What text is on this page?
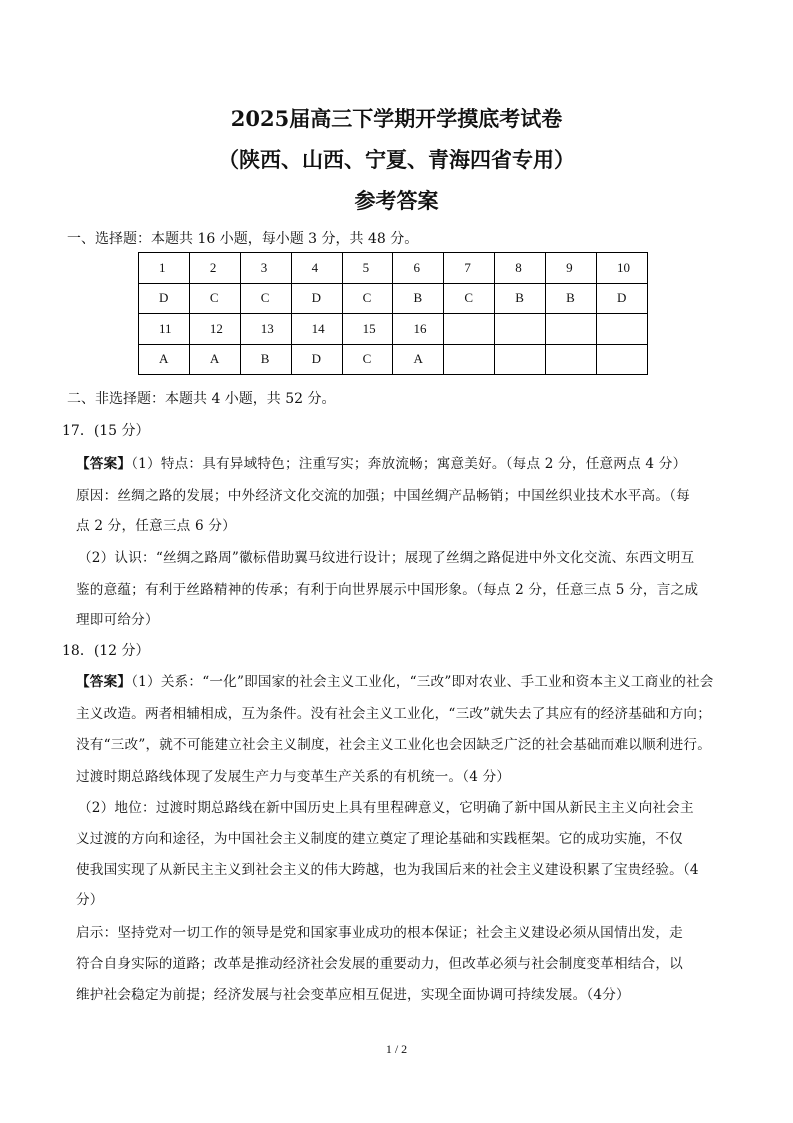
2025届高三下学期开学摸底考试卷
（陕西、山西、宁夏、青海四省专用）
参考答案
一、选择题：本题共 16 小题，每小题 3 分，共 48 分。
1	2	3	4	5	6	7	8	9	10
D	C	C	D	C	B	C	B	B	D
11	12	13	14	15	16				
A	A	B	D	C	A				
二、非选择题：本题共 4 小题，共 52 分。
17．(15 分）
【答案】（1）特点：具有异域特色；注重写实；奔放流畅；寓意美好。（每点 2 分，任意两点 4 分）
原因：丝绸之路的发展；中外经济文化交流的加强；中国丝绸产品畅销；中国丝织业技术水平高。（每
点 2 分，任意三点 6 分）
（2）认识：“丝绸之路周”徽标借助翼马纹进行设计；展现了丝绸之路促进中外文化交流、东西文明互
鉴的意蕴；有利于丝路精神的传承；有利于向世界展示中国形象。（每点 2 分，任意三点 5 分，言之成
理即可给分）
18．(12 分）
【答案】（1）关系：“一化”即国家的社会主义工业化，“三改”即对农业、手工业和资本主义工商业的社会
主义改造。两者相辅相成，互为条件。没有社会主义工业化，“三改”就失去了其应有的经济基础和方向；
没有“三改”，就不可能建立社会主义制度，社会主义工业化也会因缺乏广泛的社会基础而难以顺利进行。
过渡时期总路线体现了发展生产力与变革生产关系的有机统一。（4 分）
（2）地位：过渡时期总路线在新中国历史上具有里程碑意义，它明确了新中国从新民主主义向社会主
义过渡的方向和途径，为中国社会主义制度的建立奠定了理论基础和实践框架。它的成功实施，不仅
使我国实现了从新民主主义到社会主义的伟大跨越，也为我国后来的社会主义建设积累了宝贵经验。（4
分）
启示：坚持党对一切工作的领导是党和国家事业成功的根本保证；社会主义建设必须从国情出发，走
符合自身实际的道路；改革是推动经济社会发展的重要动力，但改革必须与社会制度变革相结合，以
维护社会稳定为前提；经济发展与社会变革应相互促进，实现全面协调可持续发展。（4分）
1 / 2
